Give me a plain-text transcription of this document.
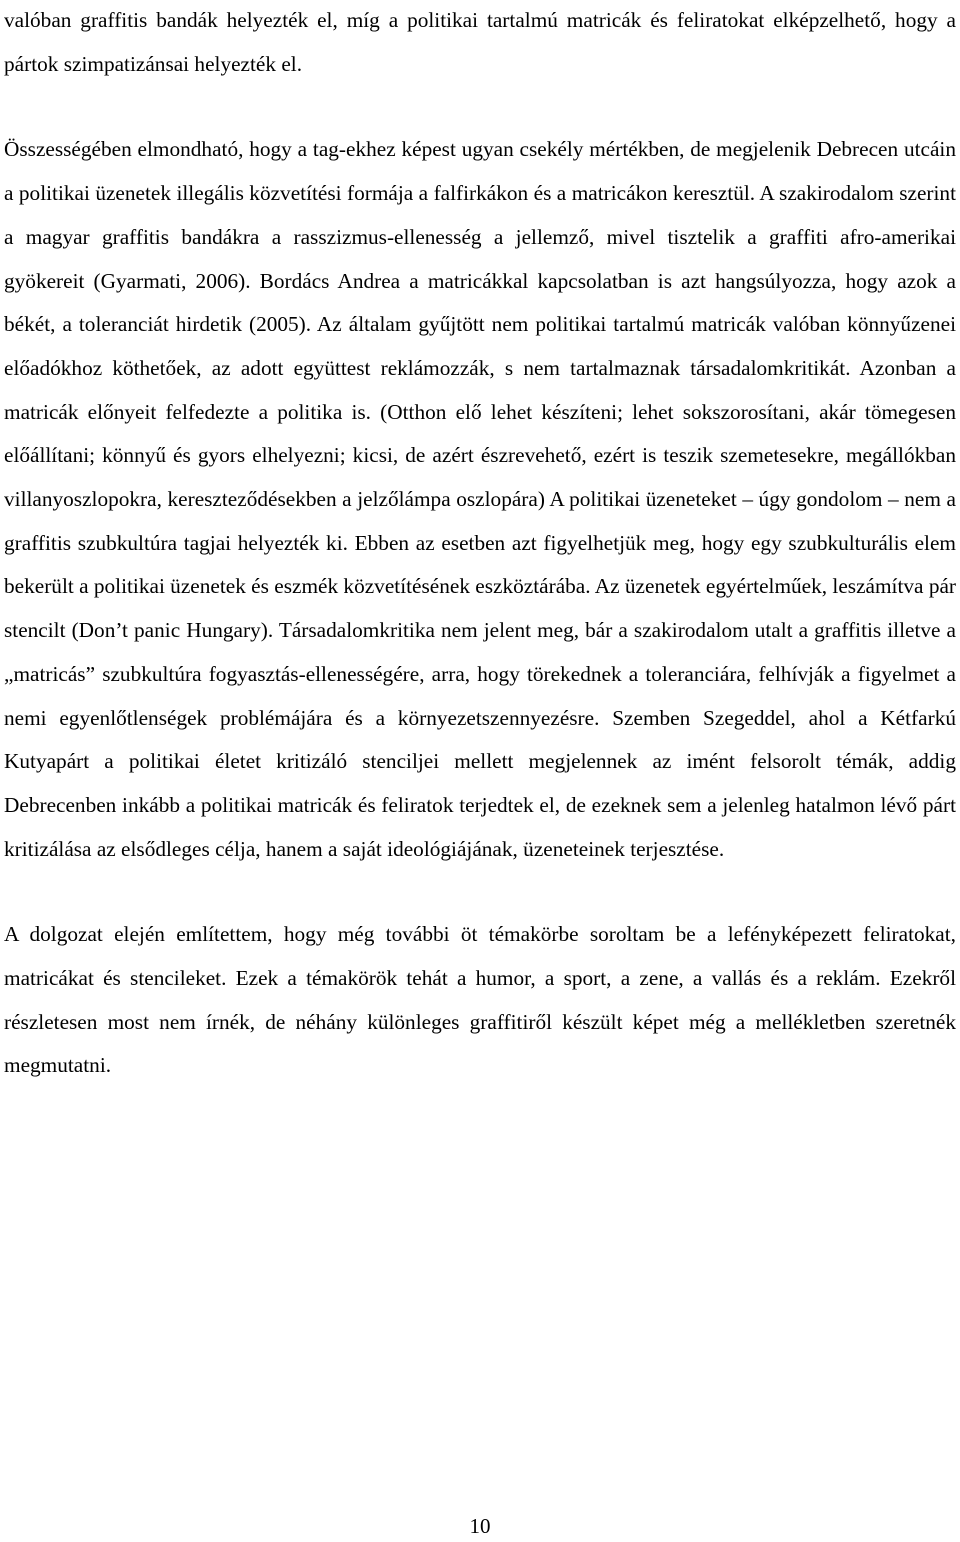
valóban graffitis bandák helyezték el, míg a politikai tartalmú matricák és feliratokat elképzelhető, hogy a pártok szimpatizánsai helyezték el.

Összességében elmondható, hogy a tag-ekhez képest ugyan csekély mértékben, de megjelenik Debrecen utcáin a politikai üzenetek illegális közvetítési formája a falfirkákon és a matricákon keresztül. A szakirodalom szerint a magyar graffitis bandákra a rasszizmus-ellenesség a jellemző, mivel tisztelik a graffiti afro-amerikai gyökereit (Gyarmati, 2006). Bordács Andrea a matricákkal kapcsolatban is azt hangsúlyozza, hogy azok a békét, a toleranciát hirdetik (2005). Az általam gyűjtött nem politikai tartalmú matricák valóban könnyűzenei előadókhoz köthetőek, az adott együttest reklámozzák, s nem tartalmaznak társadalomkritikát. Azonban a matricák előnyeit felfedezte a politika is. (Otthon elő lehet készíteni; lehet sokszorosítani, akár tömegesen előállítani; könnyű és gyors elhelyezni; kicsi, de azért észrevehető, ezért is teszik szemetesekre, megállókban villanyoszlopokra, kereszteződésekben a jelzőlámpa oszlopára) A politikai üzeneteket – úgy gondolom – nem a graffitis szubkultúra tagjai helyezték ki. Ebben az esetben azt figyelhetjük meg, hogy egy szubkulturális elem bekerült a politikai üzenetek és eszmék közvetítésének eszköztárába. Az üzenetek egyértelműek, leszámítva pár stencilt (Don’t panic Hungary). Társadalomkritika nem jelent meg, bár a szakirodalom utalt a graffitis illetve a „matricás” szubkultúra fogyasztás-ellenességére, arra, hogy törekednek a toleranciára, felhívják a figyelmet a nemi egyenlőtlenségek problémájára és a környezetszennyezésre. Szemben Szegeddel, ahol a Kétfarkú Kutyapárt a politikai életet kritizáló stenciljei mellett megjelennek az imént felsorolt témák, addig Debrecenben inkább a politikai matricák és feliratok terjedtek el, de ezeknek sem a jelenleg hatalmon lévő párt kritizálása az elsődleges célja, hanem a saját ideológiájának, üzeneteinek terjesztése.

A dolgozat elején említettem, hogy még további öt témakörbe soroltam be a lefényképezett feliratokat, matricákat és stencileket. Ezek a témakörök tehát a humor, a sport, a zene, a vallás és a reklám. Ezekről részletesen most nem írnék, de néhány különleges graffitiről készült képet még a mellékletben szeretnék megmutatni.

10
